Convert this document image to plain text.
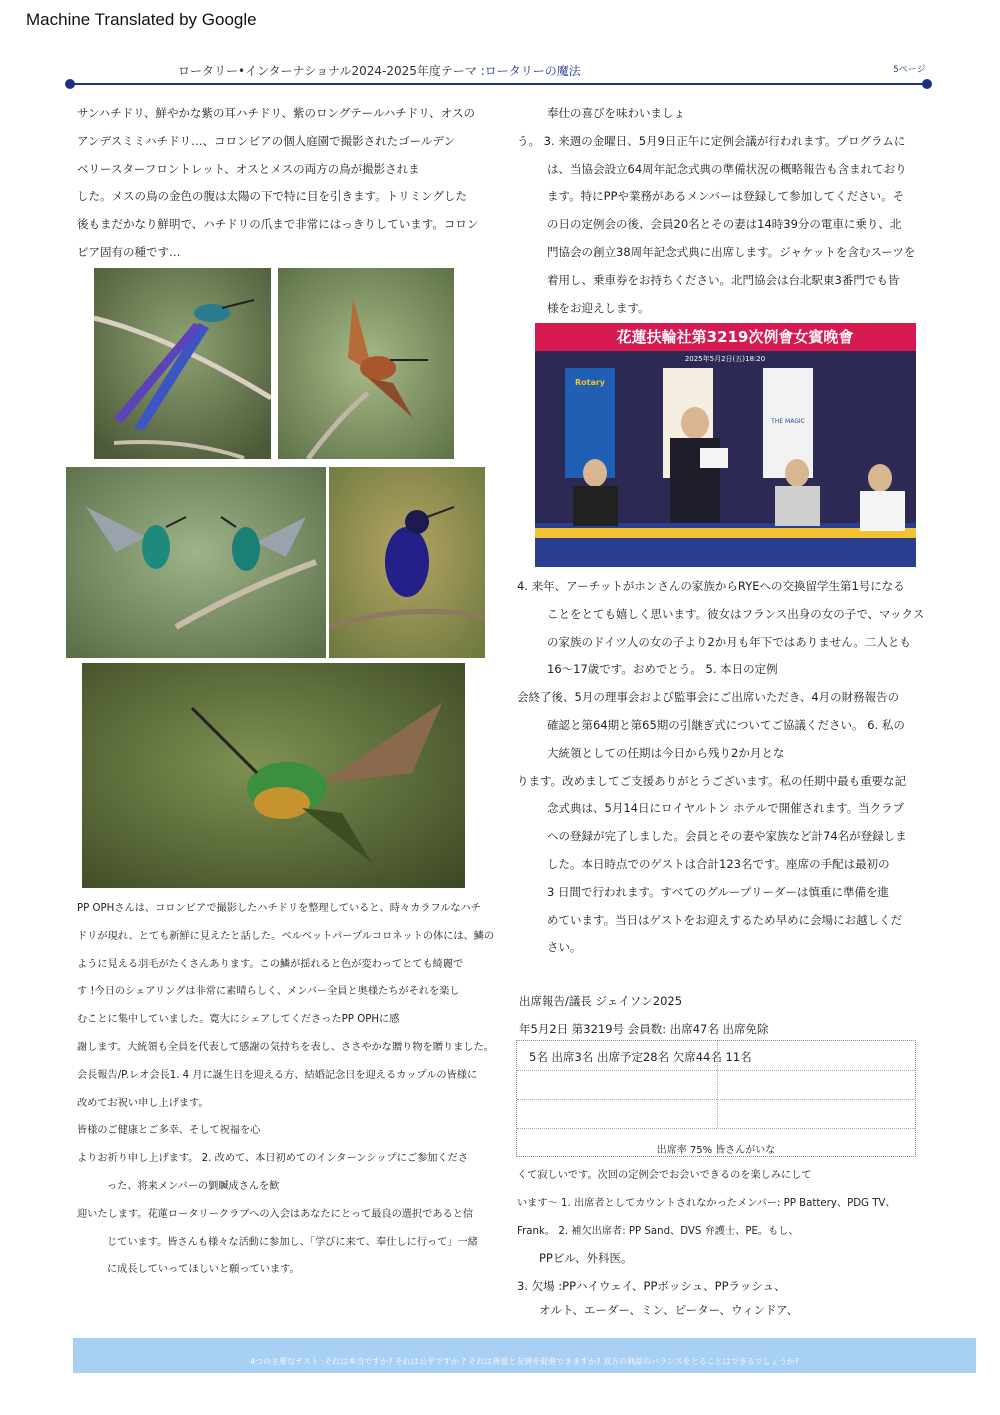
Machine Translated by Google
ロータリー•インターナショナル2024-2025年度テーマ :ロータリーの魔法	5ページ
サンハチドリ、鮮やかな紫の耳ハチドリ、紫のロングテールハチドリ、オスの
アンデスミミハチドリ…、コロンビアの個人庭園で撮影されたゴールデン
ベリースターフロントレット、オスとメスの両方の鳥が撮影されま
した。メスの鳥の金色の腹は太陽の下で特に目を引きます。トリミングした
後もまだかなり鮮明で、ハチドリの爪まで非常にはっきりしています。コロン
ビア固有の種です…
PP OPHさんは、コロンビアで撮影したハチドリを整理していると、時々カラフルなハチ
ドリが現れ、とても新鮮に見えたと話した。ベルベットパープルコロネットの体には、鱗の
ように見える羽毛がたくさんあります。この鱗が揺れると色が変わってとても綺麗で
す !今日のシェアリングは非常に素晴らしく、メンバー全員と奥様たちがそれを楽し
むことに集中していました。寛大にシェアしてくださったPP OPHに感
謝します。大統領も全員を代表して感謝の気持ちを表し、ささやかな贈り物を贈りました。
会長報告/P.レオ会長1. 4 月に誕生日を迎える方、結婚記念日を迎えるカップルの皆様に
改めてお祝い申し上げます。
皆様のご健康とご多幸、そして祝福を心
よりお祈り申し上げます。 2. 改めて、本日初めてのインターンシップにご参加くださ
った、将来メンバーの劉贓成さんを歓
迎いたします。花蓮ロータリークラブへの入会はあなたにとって最良の選択であると信
じています。皆さんも様々な活動に参加し、「学びに来て、奉仕しに行って」一緒
に成長していってほしいと願っています。
奉仕の喜びを味わいましょ
う。 3. 来週の金曜日、5月9日正午に定例会議が行われます。プログラムに
は、当協会設立64周年記念式典の準備状況の概略報告も含まれており
ます。特にPPや業務があるメンバーは登録して参加してください。そ
の日の定例会の後、会員20名とその妻は14時39分の電車に乗り、北
門協会の創立38周年記念式典に出席します。ジャケットを含むスーツを
着用し、乗車券をお持ちください。北門協会は台北駅東3番門でも皆
様をお迎えします。
花蓮扶輪社第3219次例會女賓晚會
2025年5月2日(五)18:20
Rotary
THE MAGIC
4. 来年、アーチットがホンさんの家族からRYEへの交換留学生第1号になる
ことをとても嬉しく思います。彼女はフランス出身の女の子で、マックス
の家族のドイツ人の女の子より2か月も年下ではありません。二人とも
16〜17歳です。おめでとう。 5. 本日の定例
会終了後、5月の理事会および監事会にご出席いただき、4月の財務報告の
確認と第64期と第65期の引継ぎ式についてご協議ください。 6. 私の
大統領としての任期は今日から残り2か月とな
ります。改めましてご支援ありがとうございます。私の任期中最も重要な記
念式典は、5月14日にロイヤルトン ホテルで開催されます。当クラブ
への登録が完了しました。会員とその妻や家族など計74名が登録しま
した。本日時点でのゲストは合計123名です。座席の手配は最初の
3 日間で行われます。すべてのグループリーダーは慎重に準備を進
めています。当日はゲストをお迎えするため早めに会場にお越しくだ
さい。
出席報告/議長 ジェイソン2025
年5月2日 第3219号 会員数: 出席47名 出席免除
5名 出席3名 出席予定28名 欠席44名 11名
出席率 75% 皆さんがいな
くて寂しいです。次回の定例会でお会いできるのを楽しみにして
います〜 1. 出席者としてカウントされなかったメンバー: PP Battery、PDG TV、
Frank。 2. 補欠出席者: PP Sand、DVS 弁護士、PE。もし、
PPビル、外科医。
3. 欠場 :PPハイウェイ、PPボッシュ、PPラッシュ、
オルト、エーダー、ミン、ピーター、ウィンドア、
4つの主要なテスト :それは本当ですか? それは公平ですか ? それは善意と友情を促進できますか? 双方の利益のバランスをとることはできるでしょうか?
